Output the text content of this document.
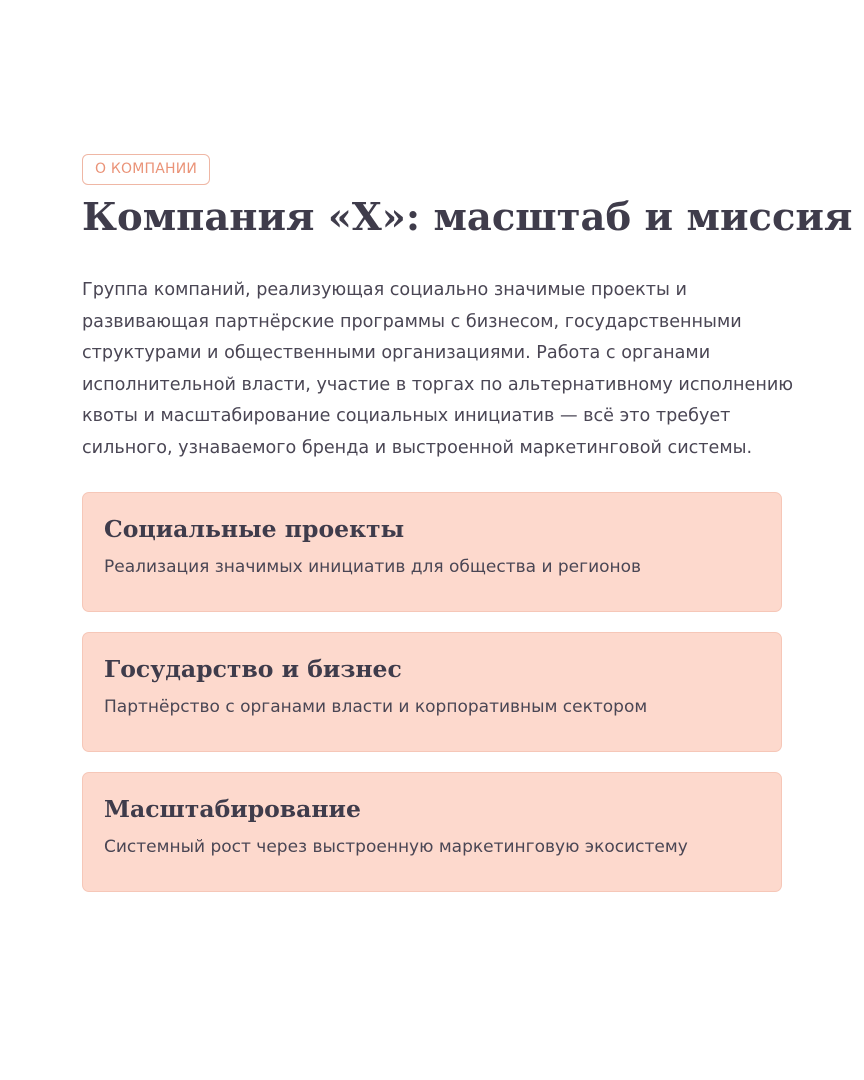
О КОМПАНИИ
Компания «Х»: масштаб и миссия

Группа компаний, реализующая социально значимые проекты и развивающая партнёрские программы с бизнесом, государственными структурами и общественными организациями. Работа с органами исполнительной власти, участие в торгах по альтернативному исполнению квоты и масштабирование социальных инициатив — всё это требует сильного, узнаваемого бренда и выстроенной маркетинговой системы.

Социальные проекты
Реализация значимых инициатив для общества и регионов
Государство и бизнес
Партнёрство с органами власти и корпоративным сектором
Масштабирование
Системный рост через выстроенную маркетинговую экосистему
